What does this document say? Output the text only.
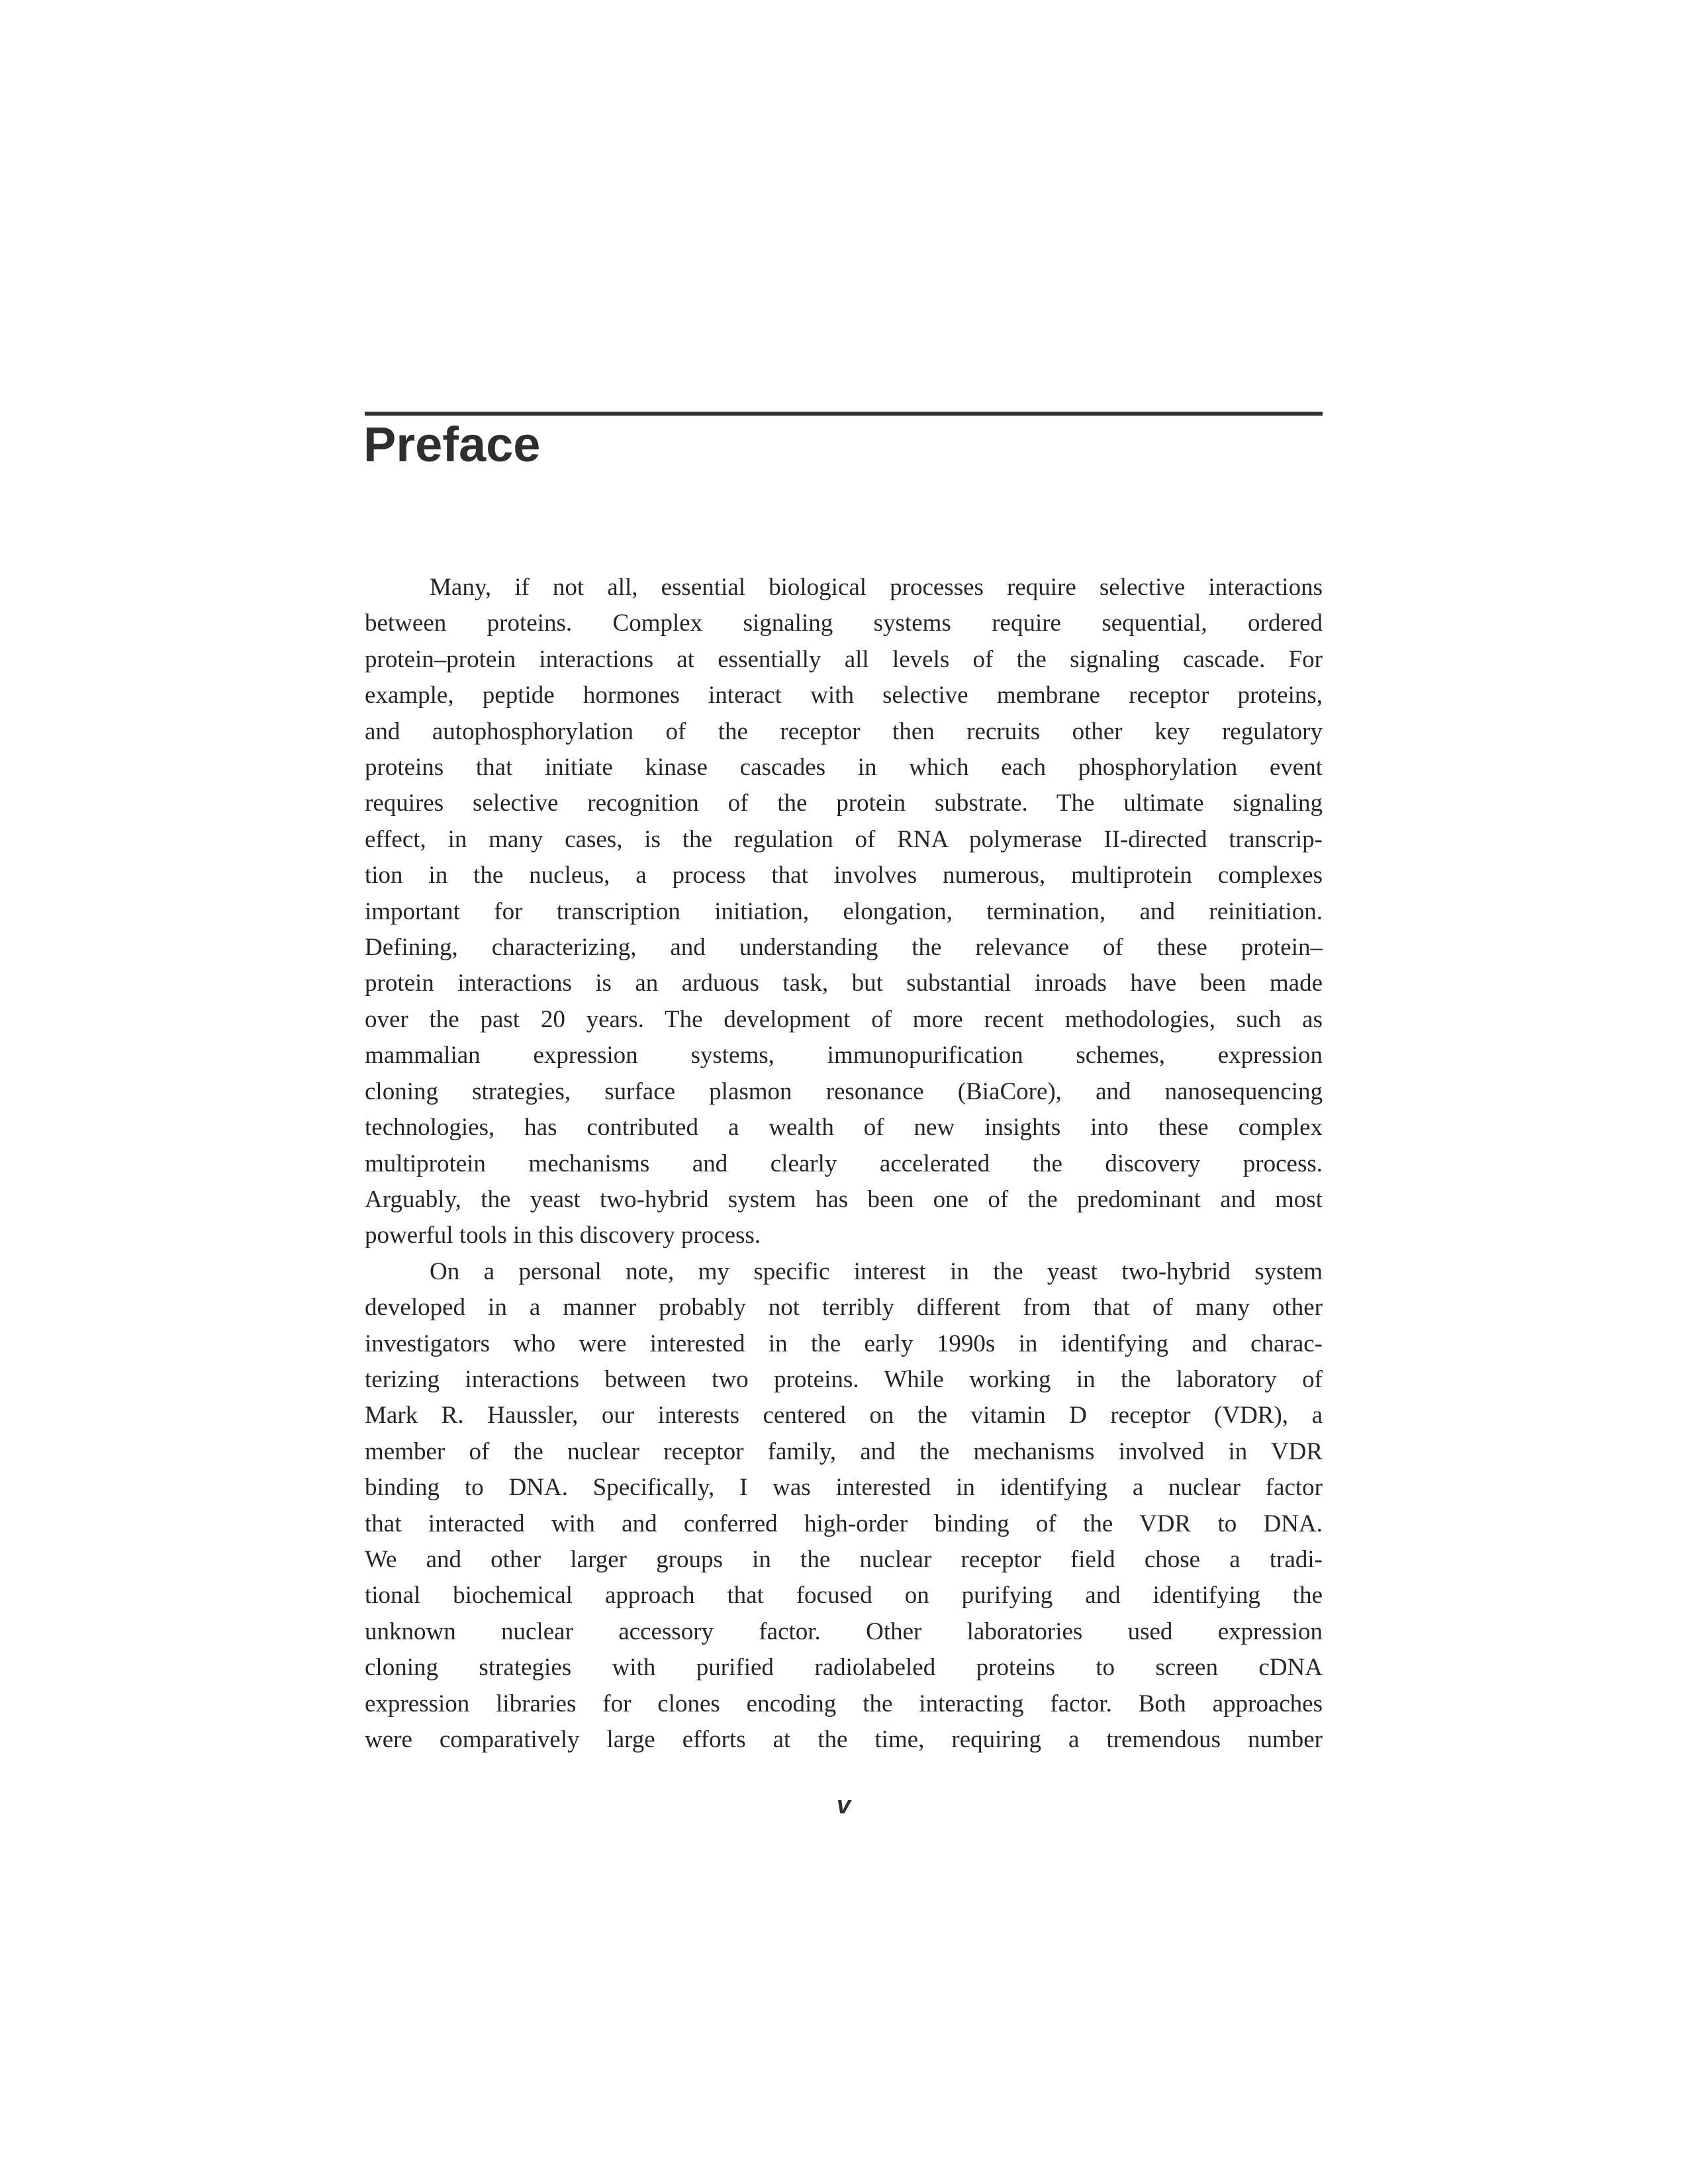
Preface
Many, if not all, essential biological processes require selective interactions
between proteins. Complex signaling systems require sequential, ordered
protein–protein interactions at essentially all levels of the signaling cascade. For
example, peptide hormones interact with selective membrane receptor proteins,
and autophosphorylation of the receptor then recruits other key regulatory
proteins that initiate kinase cascades in which each phosphorylation event
requires selective recognition of the protein substrate. The ultimate signaling
effect, in many cases, is the regulation of RNA polymerase II-directed transcrip-
tion in the nucleus, a process that involves numerous, multiprotein complexes
important for transcription initiation, elongation, termination, and reinitiation.
Defining, characterizing, and understanding the relevance of these protein–
protein interactions is an arduous task, but substantial inroads have been made
over the past 20 years. The development of more recent methodologies, such as
mammalian expression systems, immunopurification schemes, expression
cloning strategies, surface plasmon resonance (BiaCore), and nanosequencing
technologies, has contributed a wealth of new insights into these complex
multiprotein mechanisms and clearly accelerated the discovery process.
Arguably, the yeast two-hybrid system has been one of the predominant and most
powerful tools in this discovery process.
On a personal note, my specific interest in the yeast two-hybrid system
developed in a manner probably not terribly different from that of many other
investigators who were interested in the early 1990s in identifying and charac-
terizing interactions between two proteins. While working in the laboratory of
Mark R. Haussler, our interests centered on the vitamin D receptor (VDR), a
member of the nuclear receptor family, and the mechanisms involved in VDR
binding to DNA. Specifically, I was interested in identifying a nuclear factor
that interacted with and conferred high-order binding of the VDR to DNA.
We and other larger groups in the nuclear receptor field chose a tradi-
tional biochemical approach that focused on purifying and identifying the
unknown nuclear accessory factor. Other laboratories used expression
cloning strategies with purified radiolabeled proteins to screen cDNA
expression libraries for clones encoding the interacting factor. Both approaches
were comparatively large efforts at the time, requiring a tremendous number
v
